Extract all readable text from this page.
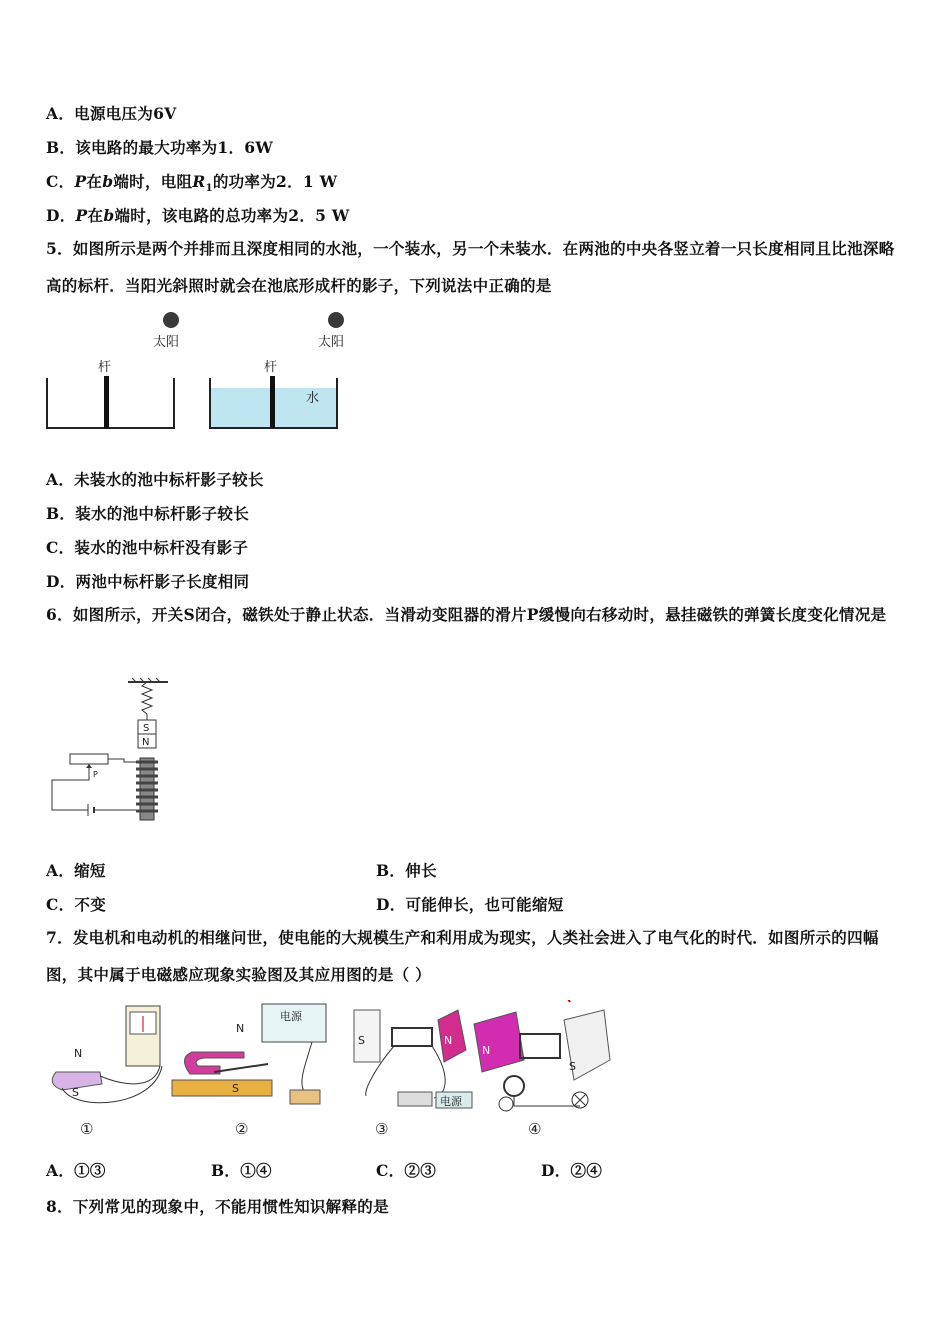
A．电源电压为6V
B．该电路的最大功率为1．6W
C．P在b端时，电阻$R_1$的功率为2．1 W
D．P在b端时，该电路的总功率为2．5 W
5．如图所示是两个并排而且深度相同的水池，一个装水，另一个未装水．在两池的中央各竖立着一只长度相同且比池深略高的标杆．当阳光斜照时就会在池底形成杆的影子，下列说法中正确的是
太阳	太阳
杆	杆
水
A．未装水的池中标杆影子较长
B．装水的池中标杆影子较长
C．装水的池中标杆没有影子
D．两池中标杆影子长度相同
6．如图所示，开关S闭合，磁铁处于静止状态．当滑动变阻器的滑片P缓慢向右移动时，悬挂磁铁的弹簧长度变化情况是
S
N
P
A．缩短	B．伸长
C．不变	D．可能伸长，也可能缩短
7．发电机和电动机的相继问世，使电能的大规模生产和利用成为现实，人类社会进入了电气化的时代．如图所示的四幅图，其中属于电磁感应现象实验图及其应用图的是（ ）
N
S
①
N
S
电源
②
S	N
电源
③
N
S
④
A．①③	B．①④	C．②③	D．②④
8．下列常见的现象中，不能用惯性知识解释的是
